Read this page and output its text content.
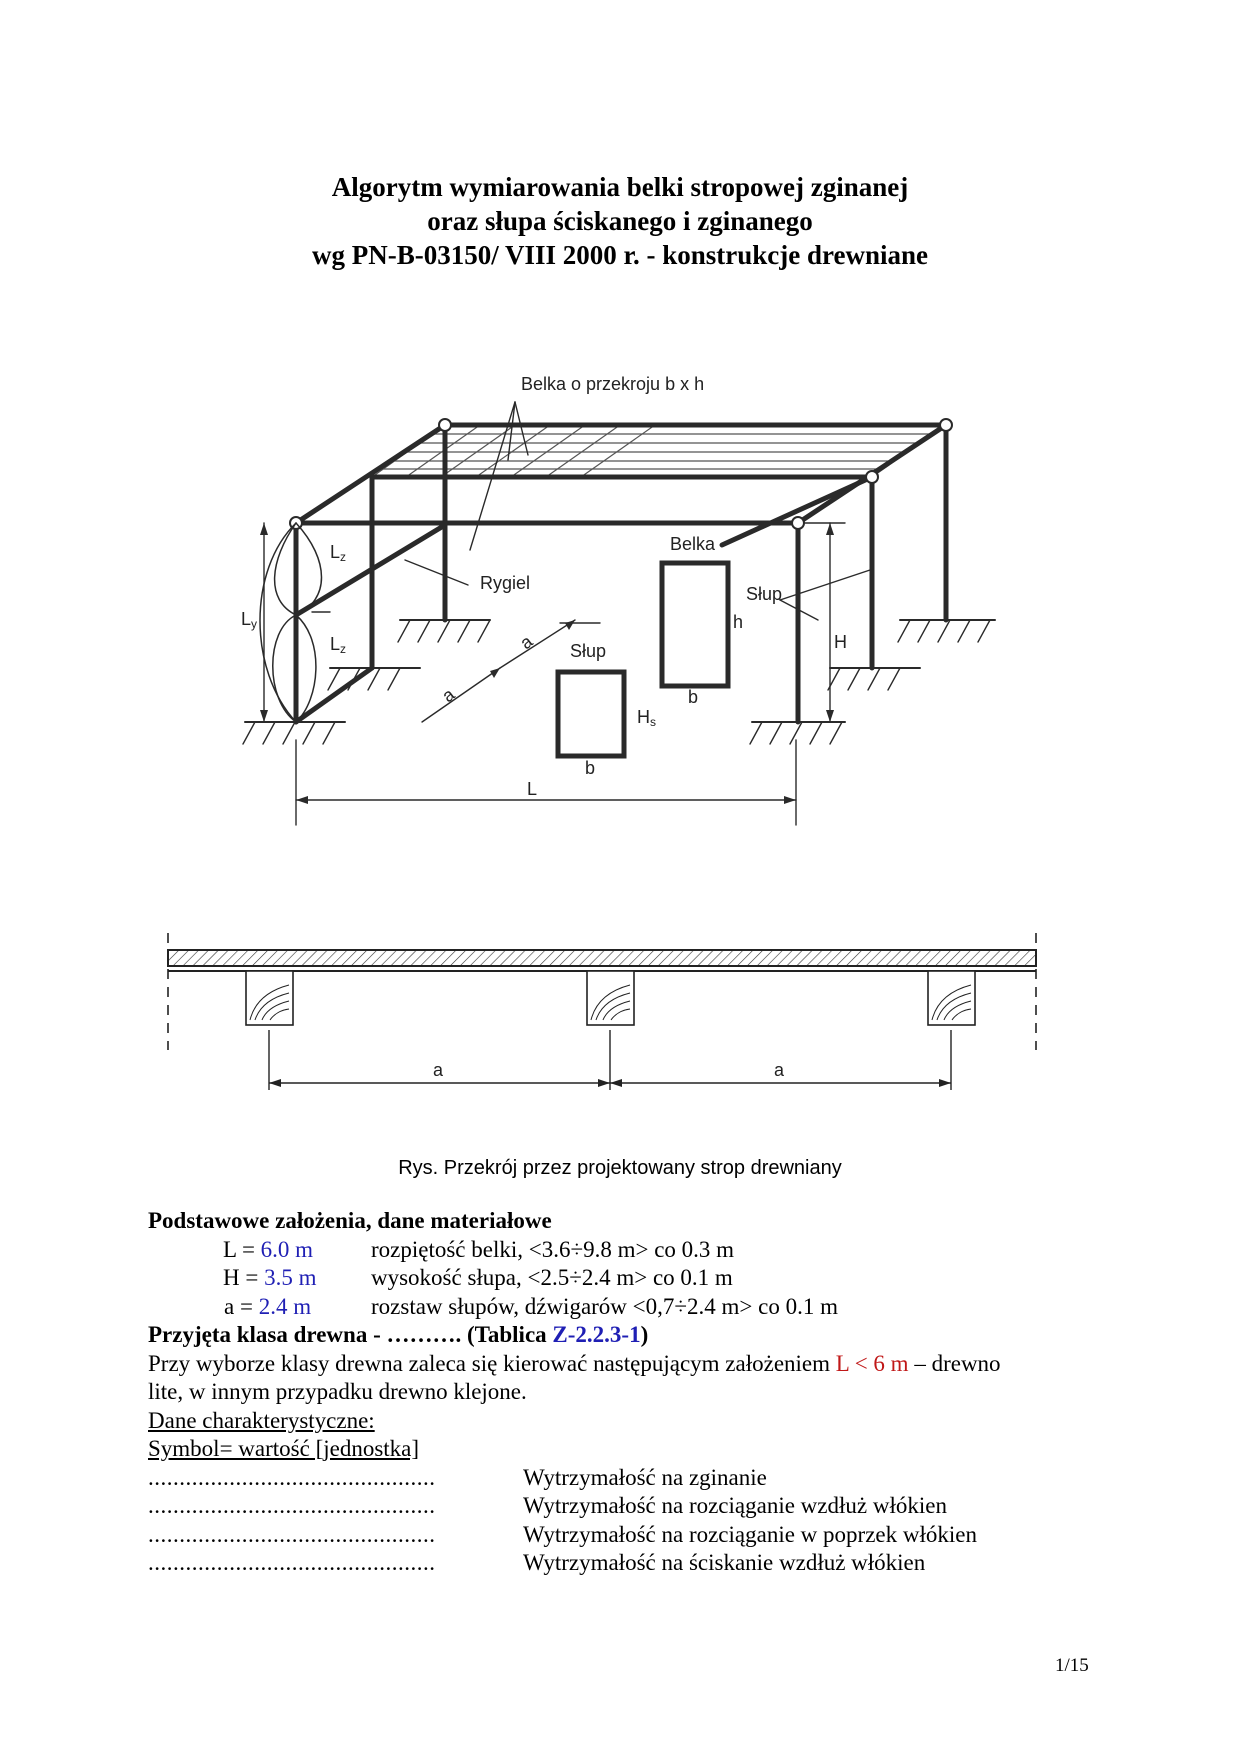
Algorytm wymiarowania belki stropowej zginanej
oraz słupa ściskanego i zginanego
wg PN-B-03150/ VIII 2000 r. - konstrukcje drewniane
Belka o przekroju b x h
Rygiel
Belka
Słup
Słup
Lz
Lz
Ly
a
a
h
b
H
Hs
b
L
a	a
Rys. Przekrój przez projektowany strop drewniany
Podstawowe założenia, dane materiałowe
L = 6.0 m	rozpiętość belki, <3.6÷9.8 m> co 0.3 m
H = 3.5 m	wysokość słupa, <2.5÷2.4 m> co 0.1 m
a = 2.4 m	rozstaw słupów, dźwigarów <0,7÷2.4 m> co 0.1 m
Przyjęta klasa drewna - ………. (Tablica Z-2.2.3-1)
Przy wyborze klasy drewna zaleca się kierować następującym założeniem L < 6 m – drewno
lite, w innym przypadku drewno klejone.
Dane charakterystyczne:
Symbol= wartość [jednostka]
..............................................	Wytrzymałość na zginanie
..............................................	Wytrzymałość na rozciąganie wzdłuż włókien
..............................................	Wytrzymałość na rozciąganie w poprzek włókien
..............................................	Wytrzymałość na ściskanie wzdłuż włókien
1/15
